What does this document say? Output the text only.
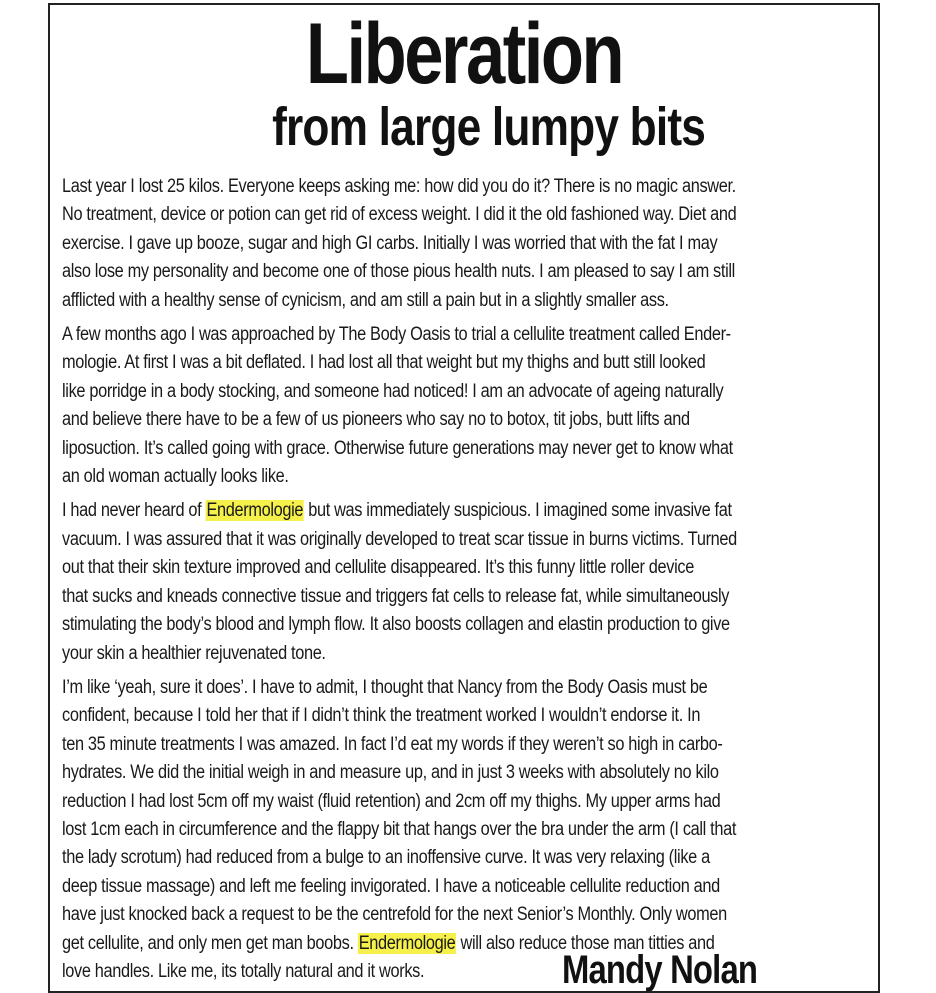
Liberation
from large lumpy bits

Last year I lost 25 kilos. Everyone keeps asking me: how did you do it? There is no magic answer.
No treatment, device or potion can get rid of excess weight. I did it the old fashioned way. Diet and
exercise. I gave up booze, sugar and high GI carbs. Initially I was worried that with the fat I may
also lose my personality and become one of those pious health nuts. I am pleased to say I am still
afflicted with a healthy sense of cynicism, and am still a pain but in a slightly smaller ass.

A few months ago I was approached by The Body Oasis to trial a cellulite treatment called Ender-
mologie. At first I was a bit deflated. I had lost all that weight but my thighs and butt still looked
like porridge in a body stocking, and someone had noticed! I am an advocate of ageing naturally
and believe there have to be a few of us pioneers who say no to botox, tit jobs, butt lifts and
liposuction. It’s called going with grace. Otherwise future generations may never get to know what
an old woman actually looks like.

I had never heard of Endermologie but was immediately suspicious. I imagined some invasive fat
vacuum. I was assured that it was originally developed to treat scar tissue in burns victims. Turned
out that their skin texture improved and cellulite disappeared. It’s this funny little roller device
that sucks and kneads connective tissue and triggers fat cells to release fat, while simultaneously
stimulating the body’s blood and lymph flow. It also boosts collagen and elastin production to give
your skin a healthier rejuvenated tone.

I’m like ‘yeah, sure it does’. I have to admit, I thought that Nancy from the Body Oasis must be
confident, because I told her that if I didn’t think the treatment worked I wouldn’t endorse it. In
ten 35 minute treatments I was amazed. In fact I’d eat my words if they weren’t so high in carbo-
hydrates. We did the initial weigh in and measure up, and in just 3 weeks with absolutely no kilo
reduction I had lost 5cm off my waist (fluid retention) and 2cm off my thighs. My upper arms had
lost 1cm each in circumference and the flappy bit that hangs over the bra under the arm (I call that
the lady scrotum) had reduced from a bulge to an inoffensive curve. It was very relaxing (like a
deep tissue massage) and left me feeling invigorated. I have a noticeable cellulite reduction and
have just knocked back a request to be the centrefold for the next Senior’s Monthly. Only women
get cellulite, and only men get man boobs. Endermologie will also reduce those man titties and
love handles. Like me, its totally natural and it works.	Mandy Nolan
